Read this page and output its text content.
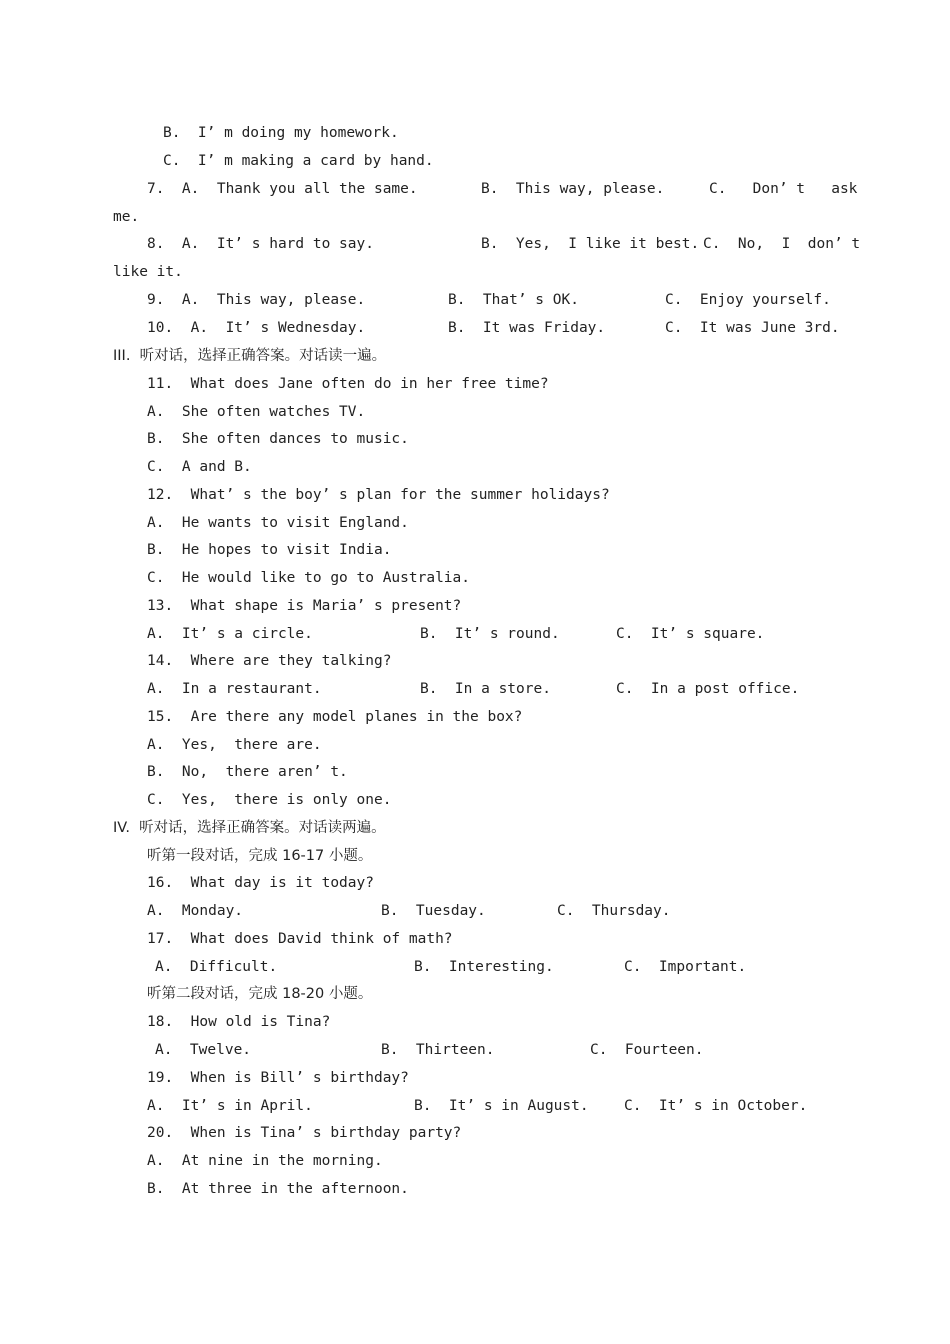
B.  I’ m doing my homework.
C.  I’ m making a card by hand.
7.  A.  Thank you all the same.	B.  This way, please.	C.   Don’ t   ask
me.
8.  A.  It’ s hard to say.	B.  Yes,  I like it best. C.  No,  I  don’ t
like it.
9.  A.  This way, please.	B.  That’ s OK.	C.  Enjoy yourself.
10.  A.  It’ s Wednesday.	B.  It was Friday.	C.  It was June 3rd.
III.  听对话，选择正确答案。对话读一遍。
11.  What does Jane often do in her free time?
A.  She often watches TV.
B.  She often dances to music.
C.  A and B.
12.  What’ s the boy’ s plan for the summer holidays?
A.  He wants to visit England.
B.  He hopes to visit India.
C.  He would like to go to Australia.
13.  What shape is Maria’ s present?
A.  It’ s a circle.	B.  It’ s round.	C.  It’ s square.
14.  Where are they talking?
A.  In a restaurant.	B.  In a store.	C.  In a post office.
15.  Are there any model planes in the box?
A.  Yes,  there are.
B.  No,  there aren’ t.
C.  Yes,  there is only one.
IV.  听对话，选择正确答案。对话读两遍。
听第一段对话，完成 16-17 小题。
16.  What day is it today?
A.  Monday.	B.  Tuesday.	C.  Thursday.
17.  What does David think of math?
A.  Difficult.	B.  Interesting.	C.  Important.
听第二段对话，完成 18-20 小题。
18.  How old is Tina?
A.  Twelve.	B.  Thirteen.	C.  Fourteen.
19.  When is Bill’ s birthday?
A.  It’ s in April.	B.  It’ s in August. C.  It’ s in October.
20.  When is Tina’ s birthday party?
A.  At nine in the morning.
B.  At three in the afternoon.
